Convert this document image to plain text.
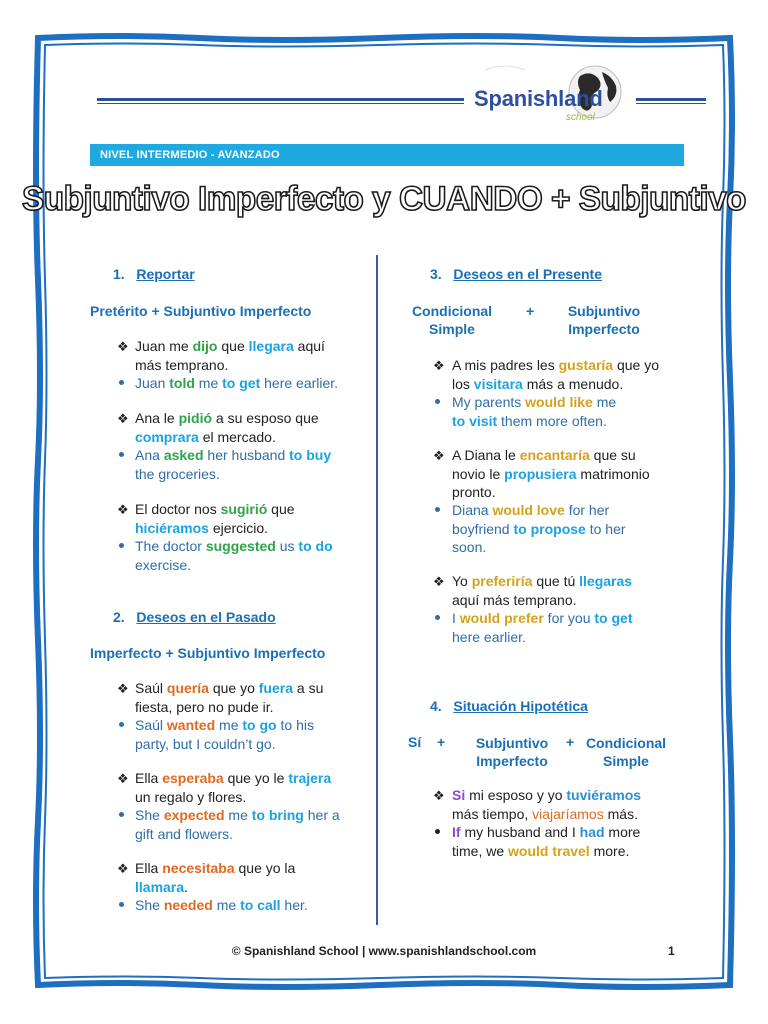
Spanishland
school
NIVEL INTERMEDIO - AVANZADO
Subjuntivo Imperfecto y CUANDO + Subjuntivo
1. Reportar
Pretérito + Subjuntivo Imperfecto
❖ Juan me dijo que llegara aquí
más temprano.
Juan told me to get here earlier.
❖ Ana le pidió a su esposo que
comprara el mercado.
Ana asked her husband to buy
the groceries.
❖ El doctor nos sugirió que
hiciéramos ejercicio.
The doctor suggested us to do
exercise.
2. Deseos en el Pasado
Imperfecto + Subjuntivo Imperfecto
❖ Saúl quería que yo fuera a su
fiesta, pero no pude ir.
Saúl wanted me to go to his
party, but I couldn’t go.
❖ Ella esperaba que yo le trajera
un regalo y flores.
She expected me to bring her a
gift and flowers.
❖ Ella necesitaba que yo la
llamara.
She needed me to call her.
3. Deseos en el Presente
Condicional
Simple
+	Subjuntivo
Imperfecto
❖ A mis padres les gustaría que yo
los visitara más a menudo.
My parents would like me
to visit them more often.
❖ A Diana le encantaría que su
novio le propusiera matrimonio
pronto.
Diana would love for her
boyfriend to propose to her
soon.
❖ Yo preferiría que tú llegaras
aquí más temprano.
I would prefer for you to get
here earlier.
4. Situación Hipotética
Sí +	Subjuntivo
Imperfecto
+ Condicional
Simple
❖ Si mi esposo y yo tuviéramos
más tiempo, viajaríamos más.
If my husband and I had more
time, we would travel more.
© Spanishland School | www.spanishlandschool.com	1
